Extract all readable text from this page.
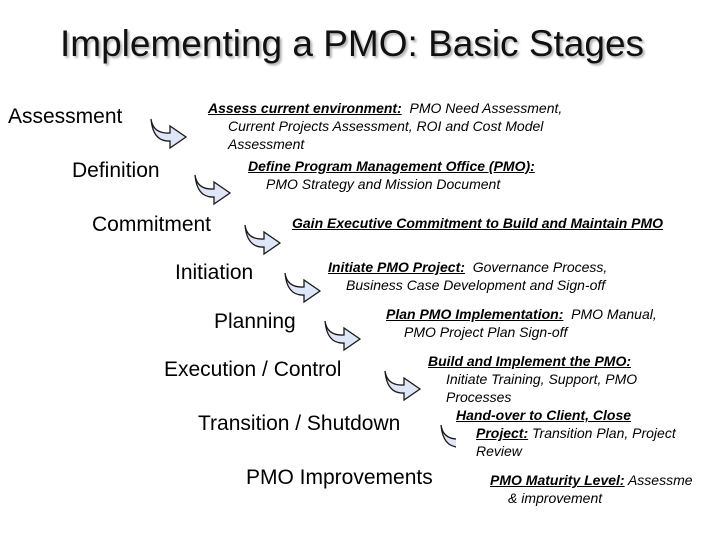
Implementing a PMO: Basic Stages
Assessment
Definition
Commitment
Initiation
Planning
Execution / Control
Transition / Shutdown
PMO Improvements
Assess current environment:  PMO Need Assessment,
Current Projects Assessment, ROI and Cost Model
Assessment
Define Program Management Office (PMO):
PMO Strategy and Mission Document
Gain Executive Commitment to Build and Maintain PMO
Initiate PMO Project:  Governance Process,
Business Case Development and Sign-off
Plan PMO Implementation:  PMO Manual,
PMO Project Plan Sign-off
Build and Implement the PMO:
Initiate Training, Support, PMO
Processes
Hand-over to Client, Close
Project: Transition Plan, Project
Review
PMO Maturity Level: Assessme
& improvement
